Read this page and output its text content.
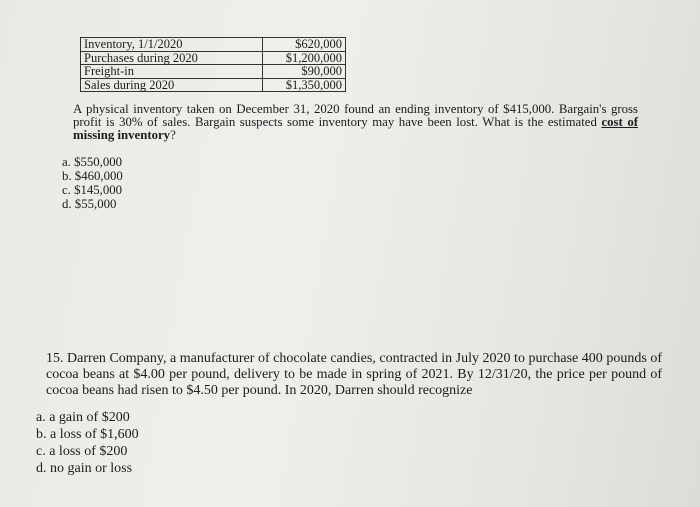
Inventory, 1/1/2020	$620,000
Purchases during 2020	$1,200,000
Freight-in	$90,000
Sales during 2020	$1,350,000
A physical inventory taken on December 31, 2020 found an ending inventory of $415,000. Bargain's gross profit is 30% of sales. Bargain suspects some inventory may have been lost. What is the estimated cost of missing inventory?
a. $550,000
b. $460,000
c. $145,000
d. $55,000
15. Darren Company, a manufacturer of chocolate candies, contracted in July 2020 to purchase 400 pounds of cocoa beans at $4.00 per pound, delivery to be made in spring of 2021. By 12/31/20, the price per pound of cocoa beans had risen to $4.50 per pound. In 2020, Darren should recognize
a. a gain of $200
b. a loss of $1,600
c. a loss of $200
d. no gain or loss
